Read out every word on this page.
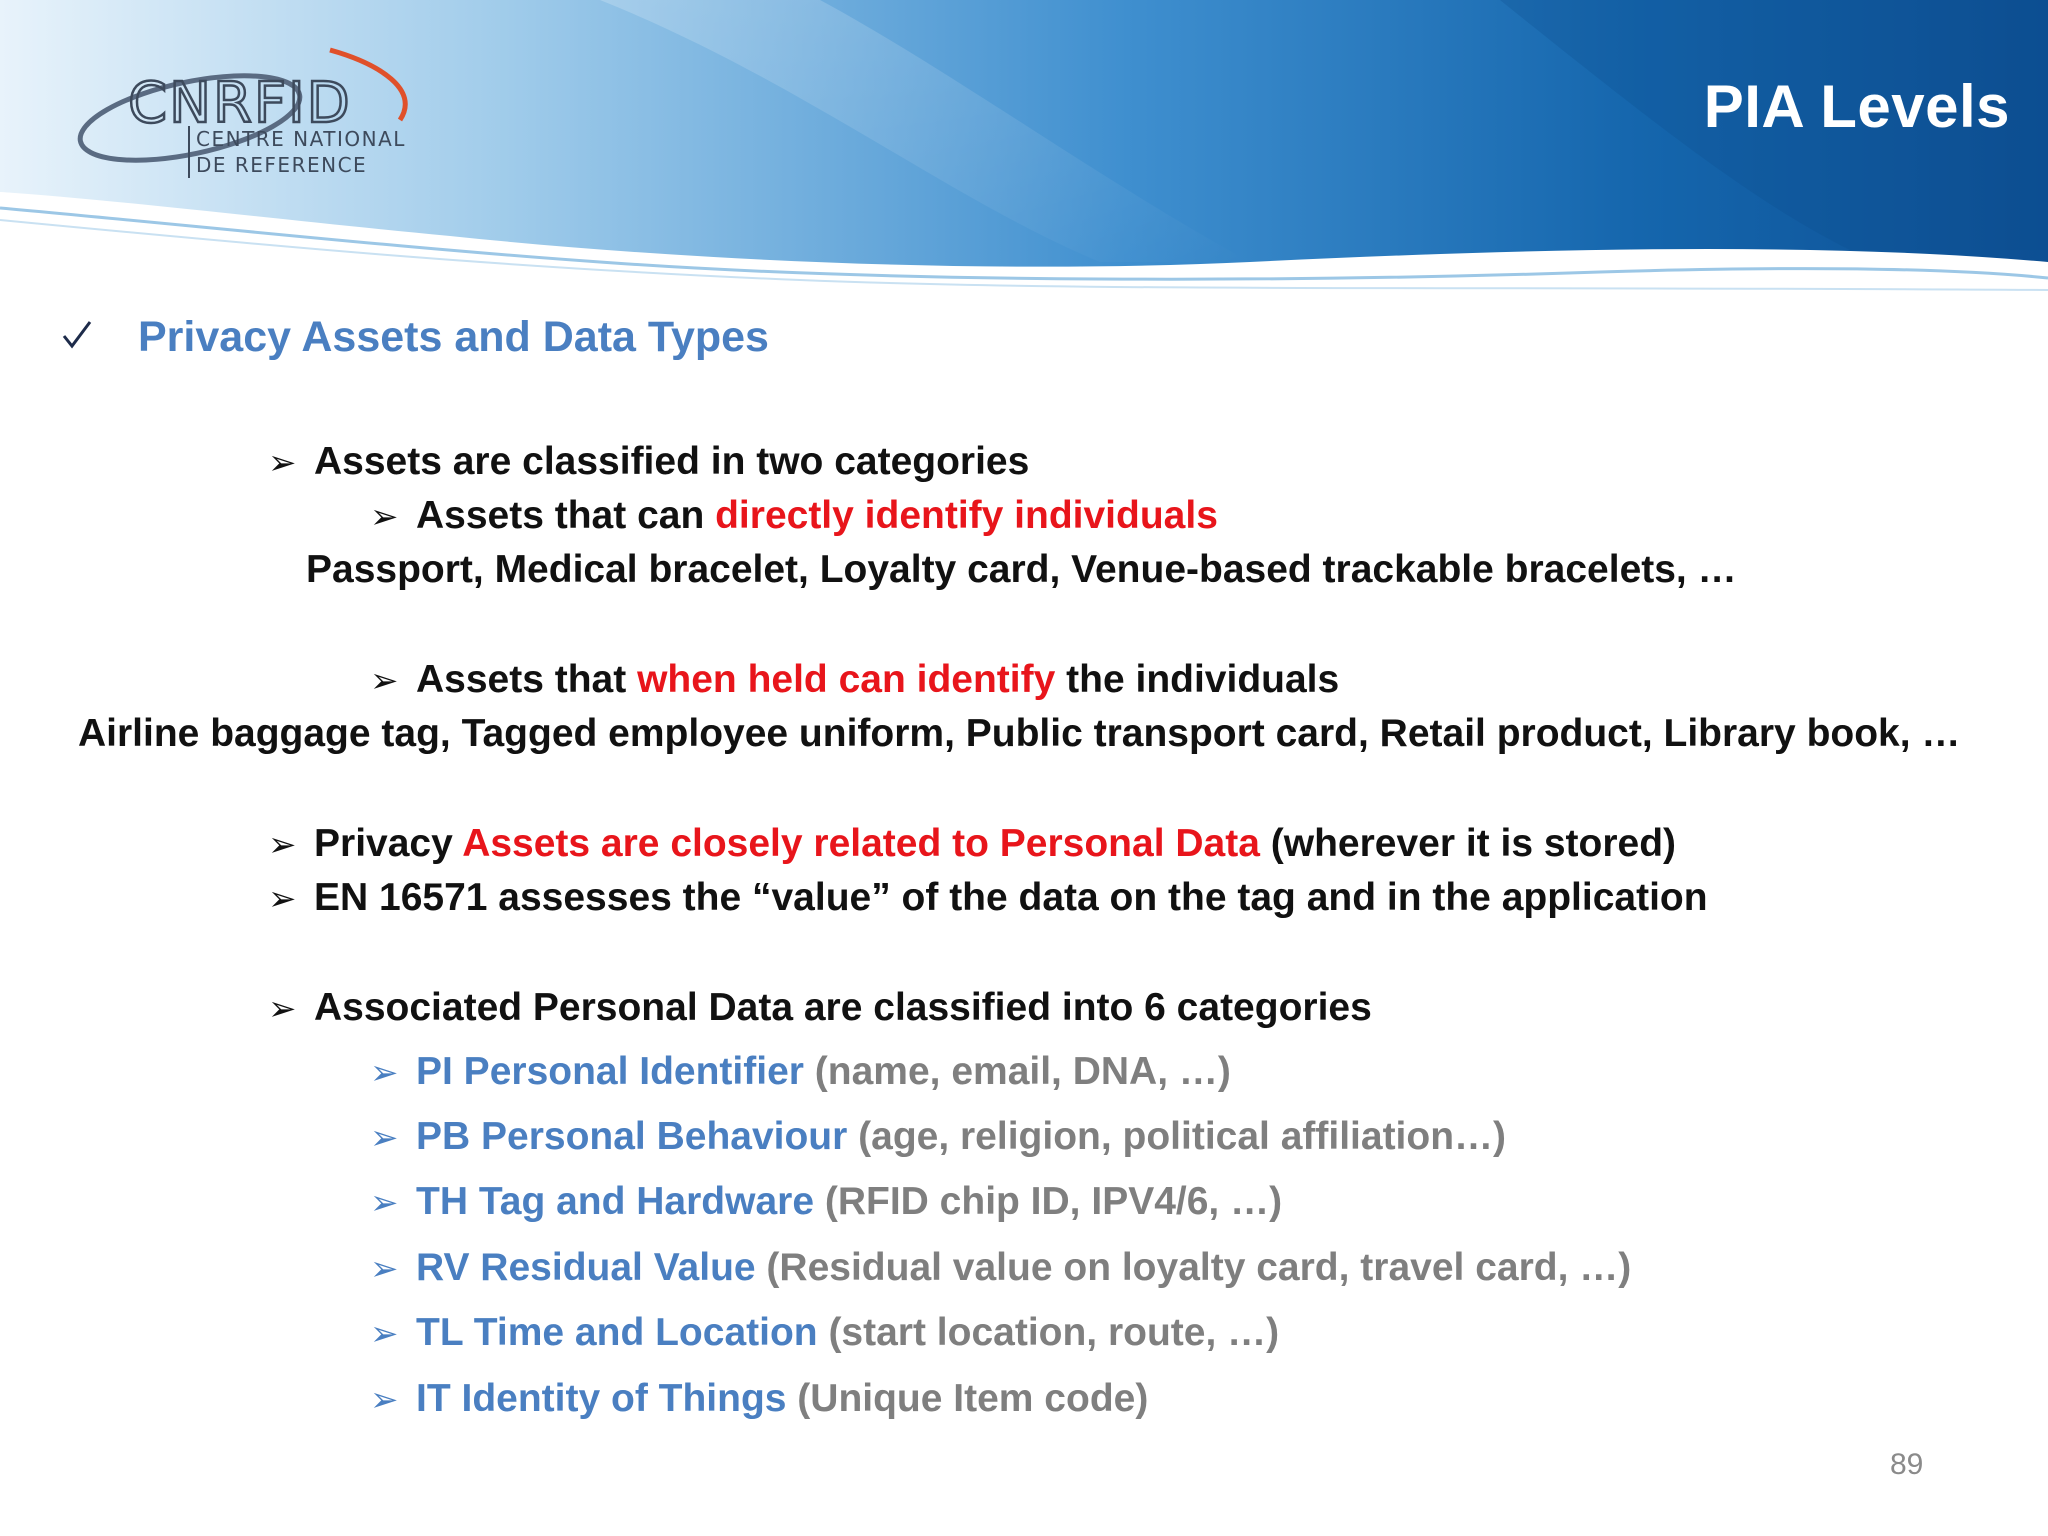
CNRFID
CENTRE NATIONAL
DE REFERENCE
PIA Levels
Privacy Assets and Data Types
➢ Assets are classified in two categories
➢ Assets that can directly identify individuals
Passport, Medical bracelet, Loyalty card, Venue-based trackable bracelets, …
➢ Assets that when held can identify the individuals
Airline baggage tag, Tagged employee uniform, Public transport card, Retail product, Library book, …
➢ Privacy Assets are closely related to Personal Data (wherever it is stored)
➢ EN 16571 assesses the “value” of the data on the tag and in the application
➢ Associated Personal Data are classified into 6 categories
➢ PI Personal Identifier (name, email, DNA, …)
➢ PB Personal Behaviour (age, religion, political affiliation…)
➢ TH Tag and Hardware (RFID chip ID, IPV4/6, …)
➢ RV Residual Value (Residual value on loyalty card, travel card, …)
➢ TL Time and Location (start location, route, …)
➢ IT Identity of Things (Unique Item code)
89
